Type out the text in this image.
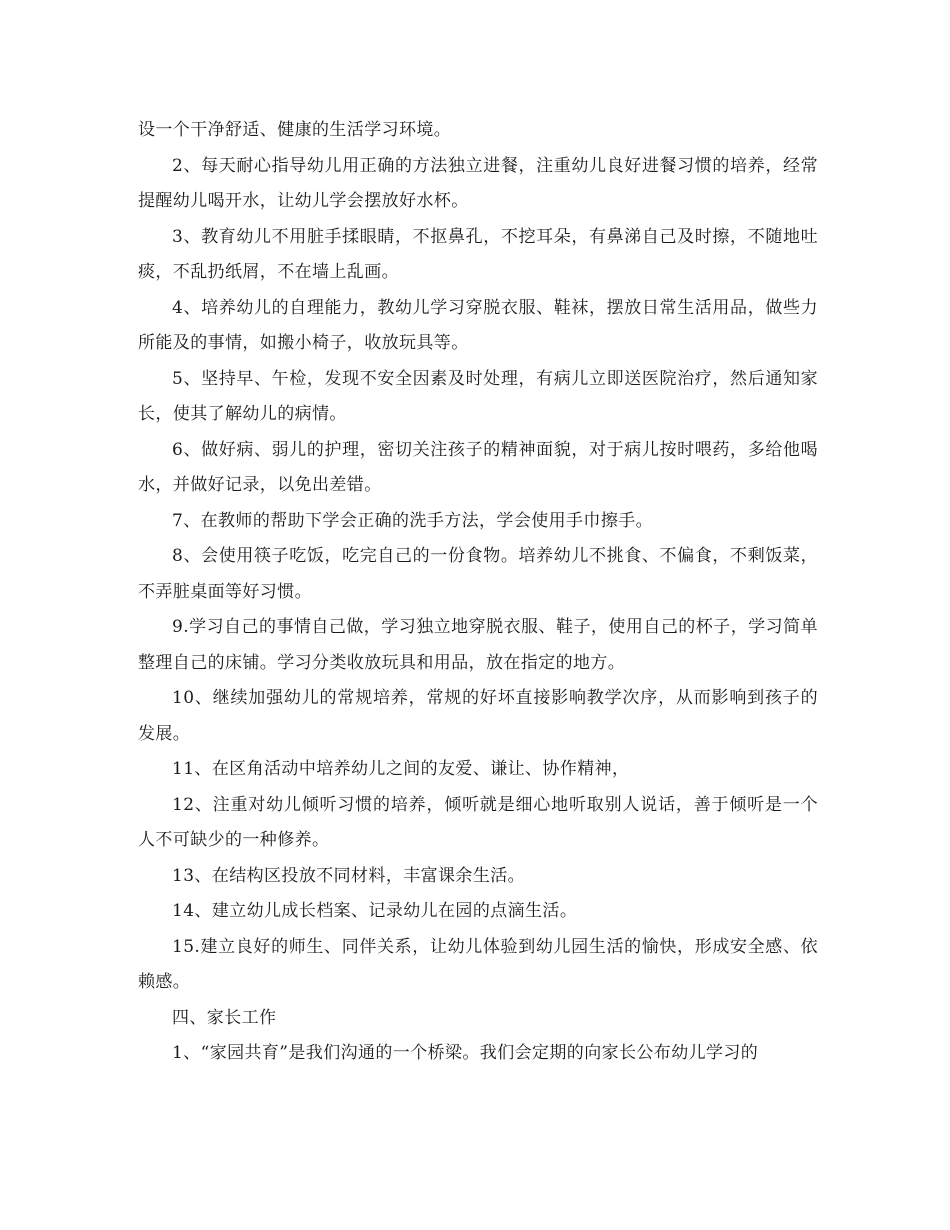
设一个干净舒适、健康的生活学习环境。

2、每天耐心指导幼儿用正确的方法独立进餐，注重幼儿良好进餐习惯的培养，经常提醒幼儿喝开水，让幼儿学会摆放好水杯。

3、教育幼儿不用脏手揉眼睛，不抠鼻孔，不挖耳朵，有鼻涕自己及时擦，不随地吐痰，不乱扔纸屑，不在墙上乱画。

4、培养幼儿的自理能力，教幼儿学习穿脱衣服、鞋袜，摆放日常生活用品，做些力所能及的事情，如搬小椅子，收放玩具等。

5、坚持早、午检，发现不安全因素及时处理，有病儿立即送医院治疗，然后通知家长，使其了解幼儿的病情。

6、做好病、弱儿的护理，密切关注孩子的精神面貌，对于病儿按时喂药，多给他喝水，并做好记录，以免出差错。

7、在教师的帮助下学会正确的洗手方法，学会使用手巾擦手。

8、会使用筷子吃饭，吃完自己的一份食物。培养幼儿不挑食、不偏食，不剩饭菜，不弄脏桌面等好习惯。

9.学习自己的事情自己做，学习独立地穿脱衣服、鞋子，使用自己的杯子，学习简单整理自己的床铺。学习分类收放玩具和用品，放在指定的地方。

10、继续加强幼儿的常规培养，常规的好坏直接影响教学次序，从而影响到孩子的发展。

11、在区角活动中培养幼儿之间的友爱、谦让、协作精神，

12、注重对幼儿倾听习惯的培养，倾听就是细心地听取别人说话，善于倾听是一个人不可缺少的一种修养。

13、在结构区投放不同材料，丰富课余生活。

14、建立幼儿成长档案、记录幼儿在园的点滴生活。

15.建立良好的师生、同伴关系，让幼儿体验到幼儿园生活的愉快，形成安全感、依赖感。

四、家长工作

1、“家园共育”是我们沟通的一个桥梁。我们会定期的向家长公布幼儿学习的
